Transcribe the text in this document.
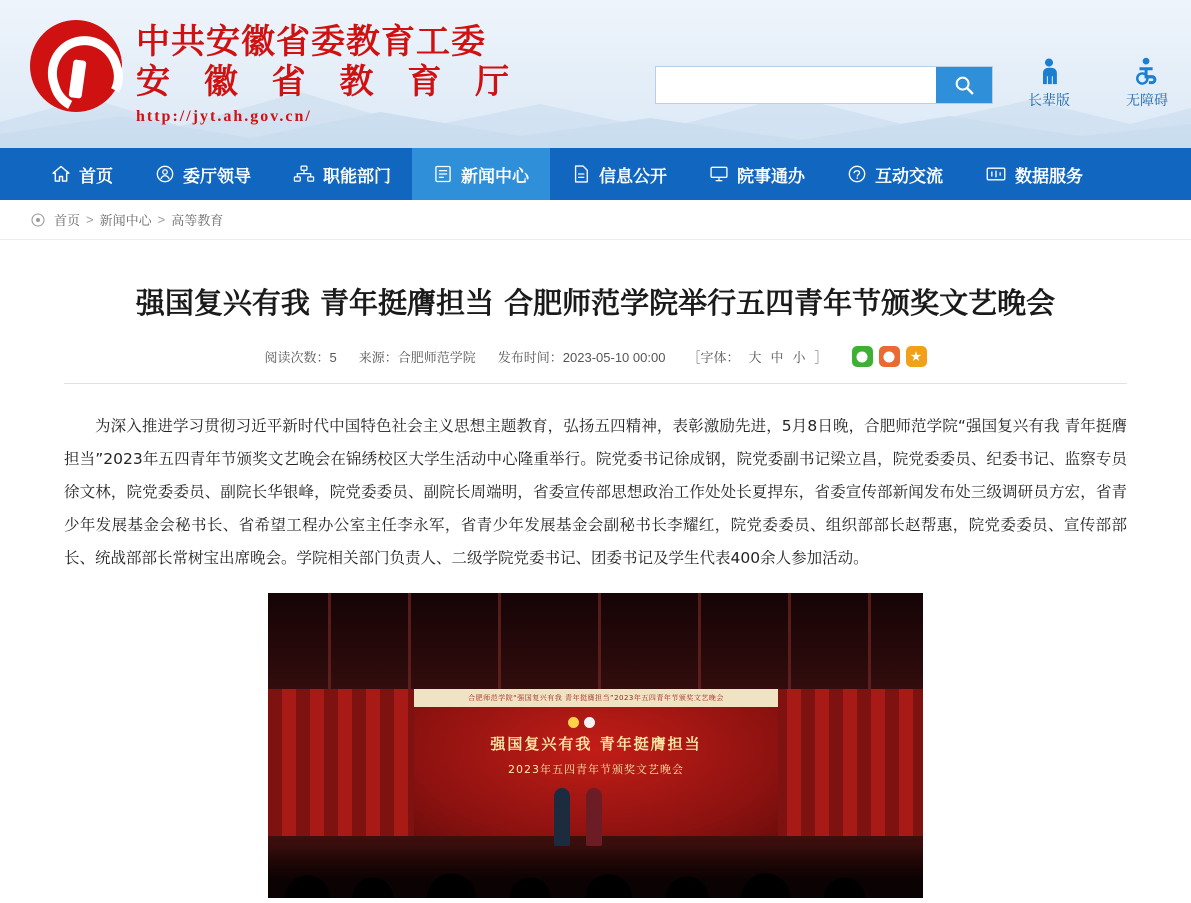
中共安徽省委教育工委
安 徽 省 教 育 厅
http://jyt.ah.gov.cn/
长辈版	无障碍
首页	委厅领导	职能部门	新闻中心	信息公开	院事通办	互动交流	数据服务
首页 > 新闻中心 > 高等教育
强国复兴有我 青年挺膺担当 合肥师范学院举行五四青年节颁奖文艺晚会
阅读次数：5 来源：合肥师范学院 发布时间：2023-05-10 00:00 ［字体： 大 中 小 ］

为深入推进学习贯彻习近平新时代中国特色社会主义思想主题教育，弘扬五四精神，表彰激励先进，5月8日晚，合肥师范学院“强国复兴有我 青年挺膺担当”2023年五四青年节颁奖文艺晚会在锦绣校区大学生活动中心隆重举行。院党委书记徐成钢，院党委副书记梁立昌，院党委委员、纪委书记、监察专员徐文林，院党委委员、副院长华银峰，院党委委员、副院长周端明，省委宣传部思想政治工作处处长夏捍东，省委宣传部新闻发布处三级调研员方宏，省青少年发展基金会秘书长、省希望工程办公室主任李永军，省青少年发展基金会副秘书长李耀红，院党委委员、组织部部长赵帮惠，院党委委员、宣传部部长、统战部部长常树宝出席晚会。学院相关部门负责人、二级学院党委书记、团委书记及学生代表400余人参加活动。

合肥师范学院“强国复兴有我 青年挺膺担当”2023年五四青年节颁奖文艺晚会
强国复兴有我 青年挺膺担当
2023年五四青年节颁奖文艺晚会
